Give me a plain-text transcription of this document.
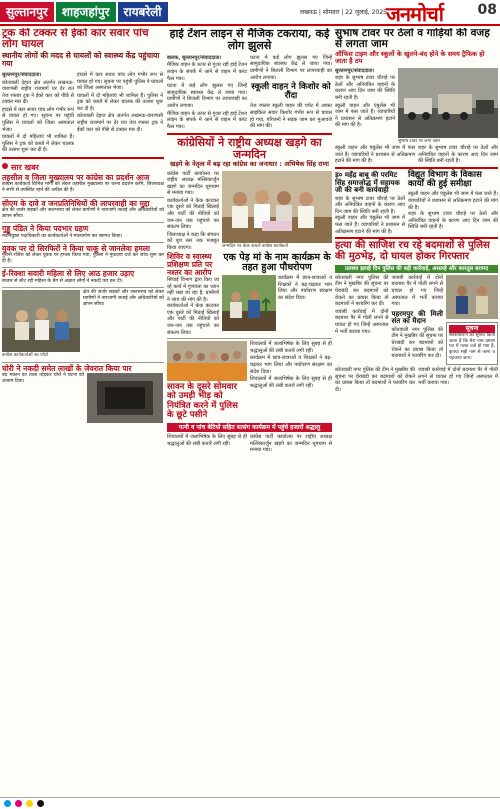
सुल्तानपुर	शाहजहांपुर	रायबरेली	लखनऊ | सोमवार | 22 जुलाई, 2025 जनमोर्चा 08
ट्रक की टक्कर से ईको कार सवार पांच लोग घायल
स्थानीय लोगों की मदद से घायलों को स्वास्थ्य केंद्र पहुंचाया गया

सुल्तानपुर/संवाददाता।

कोतवाली देहात क्षेत्र अंतर्गत लखनऊ-वाराणसी राष्ट्रीय राजमार्ग पर देर रात तेज रफ्तार ट्रक ने ईको कार को पीछे से टक्कर मार दी।

हादसे में कार सवार पांच लोग गंभीर रूप से घायल हो गए। सूचना पर पहुंची पुलिस ने घायलों को जिला अस्पताल भेजा।

घायलों में दो महिलाएं भी शामिल हैं। पुलिस ने ट्रक को कब्जे में लेकर चालक की तलाश शुरू कर दी है।

हादसे में कार सवार पांच लोग गंभीर रूप से घायल हो गए। सूचना पर पहुंची पुलिस ने घायलों को जिला अस्पताल भेजा।

घायलों में दो महिलाएं भी शामिल हैं। पुलिस ने ट्रक को कब्जे में लेकर चालक की तलाश शुरू कर दी है।

कोतवाली देहात क्षेत्र अंतर्गत लखनऊ-वाराणसी राष्ट्रीय राजमार्ग पर देर रात तेज रफ्तार ट्रक ने ईको कार को पीछे से टक्कर मार दी।

सार खबर
तहसील व जिला मुख्यालय पर कांग्रेस का प्रदर्शन आज
कांग्रेस कार्यकर्ता विभिन्न मांगों को लेकर तहसील मुख्यालय पर धरना प्रदर्शन करेंगे, जिलाध्यक्ष ने सभी से उपस्थित रहने की अपील की है।
सीएम के दावे व जनप्रतिनिधियों की लापरवाही का मुद्दा
क्षेत्र की जर्जर सड़कों और जलभराव को लेकर ग्रामीणों ने नाराजगी जताई और अधिकारियों को ज्ञापन सौंपा।
गुड्डू पंडित ने किया पदभार ग्रहण
नवनियुक्त पदाधिकारी का कार्यकर्ताओं ने माल्यार्पण कर स्वागत किया।
युवक पर दो सिरफिरों ने किया चाकू से जानलेवा हमला
पुरानी रंजिश को लेकर युवक पर हमला किया गया, पुलिस ने मुकदमा दर्ज कर जांच शुरू कर दी है।
ई-रिक्शा सवारी महिला से लिए आठ हजार उड़ाए
बाजार से लौट रही महिला के बैग से अज्ञात लोगों ने नकदी पार कर दी।
क्षेत्र की जर्जर सड़कों और जलभराव को लेकर ग्रामीणों ने नाराजगी जताई और अधिकारियों को ज्ञापन सौंपा।
कांग्रेस कार्यकर्ताओं का फोटो
चोरी ने नकदी समेत लाखों के जेवरात किया पार
बंद मकान का ताला तोड़कर चोरों ने घटना को अंजाम दिया।
हाई टेंशन लाइन से मैजिक टकराया, कई लोग झुलसे

बालक, सुल्तानपुर/संवाददाता।

मैजिक वाहन के ऊपर से गुजर रही हाई टेंशन लाइन के संपर्क में आने से वाहन में करंट फैल गया।

घटना में कई लोग झुलस गए जिन्हें सामुदायिक स्वास्थ्य केंद्र ले जाया गया। ग्रामीणों ने बिजली विभाग पर लापरवाही का आरोप लगाया।

मैजिक वाहन के ऊपर से गुजर रही हाई टेंशन लाइन के संपर्क में आने से वाहन में करंट फैल गया।

घटना में कई लोग झुलस गए जिन्हें सामुदायिक स्वास्थ्य केंद्र ले जाया गया। ग्रामीणों ने बिजली विभाग पर लापरवाही का आरोप लगाया।

स्कूली वाहन ने किशोर को रौंदा
तेज रफ्तार स्कूली वाहन की चपेट में आकर साइकिल सवार किशोर गंभीर रूप से घायल हो गया, परिजनों ने सड़क जाम कर मुआवजे की मांग की।
कांग्रेसियों ने राष्ट्रीय अध्यक्ष खड़गे का जन्मदिन
खड़गे के नेतृत्व में बढ़ रहा कांग्रेस का जनाधार : अभिषेक सिंह राणा

कांग्रेस पार्टी कार्यालय पर राष्ट्रीय अध्यक्ष मल्लिकार्जुन खड़गे का जन्मदिन धूमधाम से मनाया गया।

कार्यकर्ताओं ने केक काटकर एक दूसरे को मिठाई खिलाई और पार्टी की नीतियों को जन-जन तक पहुंचाने का संकल्प लिया।

जिलाध्यक्ष ने कहा कि संगठन को बूथ स्तर तक मजबूत किया जाएगा।	जन्मदिन पर केक काटते कांग्रेस कार्यकर्ता
शिविर व स्वास्थ्य प्रशिक्षण प्रति पर नश्तर का आरोप
सिंचाई विभाग द्वारा किए जा रहे कार्य में गुणवत्ता का ध्यान नहीं रखा जा रहा है, ग्रामीणों ने जांच की मांग की है।
कार्यकर्ताओं ने केक काटकर एक दूसरे को मिठाई खिलाई और पार्टी की नीतियों को जन-जन तक पहुंचाने का संकल्प लिया।
एक पेड़ मां के नाम कार्यक्रम के तहत हुआ पौधरोपण
कार्यक्रम में छात्र-छात्राओं व शिक्षकों ने बढ़-चढ़कर भाग लिया और पर्यावरण संरक्षण का संदेश दिया।
सावन के दूसरे सोमवार को उमड़ी भीड़ को नियंत्रित करने में पुलिस के छूटे पसीने

शिवालयों में जलाभिषेक के लिए सुबह से ही श्रद्धालुओं की लंबी कतारें लगी रहीं।

कार्यक्रम में छात्र-छात्राओं व शिक्षकों ने बढ़-चढ़कर भाग लिया और पर्यावरण संरक्षण का संदेश दिया।

शिवालयों में जलाभिषेक के लिए सुबह से ही श्रद्धालुओं की लंबी कतारें लगी रहीं।

पत्नी व पांच बेटियों सहित सत्संग कार्यक्रम में पहुंचे हजारों श्रद्धालु
शिवालयों में जलाभिषेक के लिए सुबह से ही श्रद्धालुओं की लंबी कतारें लगी रहीं।
कांग्रेस पार्टी कार्यालय पर राष्ट्रीय अध्यक्ष मल्लिकार्जुन खड़गे का जन्मदिन धूमधाम से मनाया गया।
सुभाष टावर पर ठेलों व गाड़ियों की वजह से लगता जाम
ऑफिस टाइम और स्कूलों के खुलने-बंद होने के समय ट्रैफिक हो जाता है ठप

सुल्तानपुर/संवाददाता।

शहर के सुभाष टावर चौराहे पर ठेलों और अनियंत्रित वाहनों के कारण आए दिन जाम की स्थिति बनी रहती है।

स्कूली वाहन और एंबुलेंस भी जाम में फंस जाते हैं। व्यापारियों ने प्रशासन से अतिक्रमण हटाने की मांग की है।

सुभाष टावर पर लगा जाम
स्कूली वाहन और एंबुलेंस भी जाम में फंस जाते हैं। व्यापारियों ने प्रशासन से अतिक्रमण हटाने की मांग की है।
शहर के सुभाष टावर चौराहे पर ठेलों और अनियंत्रित वाहनों के कारण आए दिन जाम की स्थिति बनी रहती है।
ड़० महेंद्र बाबू की परमिट सिंह समाजोद्ध में सहायक जी की बनी कार्यवाही
शहर के सुभाष टावर चौराहे पर ठेलों और अनियंत्रित वाहनों के कारण आए दिन जाम की स्थिति बनी रहती है।
स्कूली वाहन और एंबुलेंस भी जाम में फंस जाते हैं। व्यापारियों ने प्रशासन से अतिक्रमण हटाने की मांग की है।
विद्युत विभाग के विकास कार्यों की हुई समीक्षा
स्कूली वाहन और एंबुलेंस भी जाम में फंस जाते हैं। व्यापारियों ने प्रशासन से अतिक्रमण हटाने की मांग की है।
शहर के सुभाष टावर चौराहे पर ठेलों और अनियंत्रित वाहनों के कारण आए दिन जाम की स्थिति बनी रहती है।
हत्या की साजिश रच रहे बदमाशों से पुलिस की मुठभेड़, दो घायल होकर गिरफ्तार
तलाशा इलाहे दिन पुलिस की बड़ी कार्रवाई, असलहे और कारतूस बरामद

कोतवाली नगर पुलिस की टीम ने मुखबिर की सूचना पर घेराबंदी कर बदमाशों को रोकने का प्रयास किया तो बदमाशों ने फायरिंग कर दी।

जवाबी कार्रवाई में दोनों बदमाश पैर में गोली लगने से घायल हो गए जिन्हें अस्पताल में भर्ती कराया गया।

जवाबी कार्रवाई में दोनों बदमाश पैर में गोली लगने से घायल हो गए जिन्हें अस्पताल में भर्ती कराया गया।

पहरमपुर की मिली संत का मैदान

कोतवाली नगर पुलिस की टीम ने मुखबिर की सूचना पर घेराबंदी कर बदमाशों को रोकने का प्रयास किया तो बदमाशों ने फायरिंग कर दी।

सूचना
सर्वसाधारण को सूचित किया जाता है कि मेरा नाम प्रमाण पत्र में गलत दर्ज हो गया है, कृपया सही नाम से जाना व पहचाना जाए।
कोतवाली नगर पुलिस की टीम ने मुखबिर की सूचना पर घेराबंदी कर बदमाशों को रोकने का प्रयास किया तो बदमाशों ने फायरिंग कर दी।
जवाबी कार्रवाई में दोनों बदमाश पैर में गोली लगने से घायल हो गए जिन्हें अस्पताल में भर्ती कराया गया।
